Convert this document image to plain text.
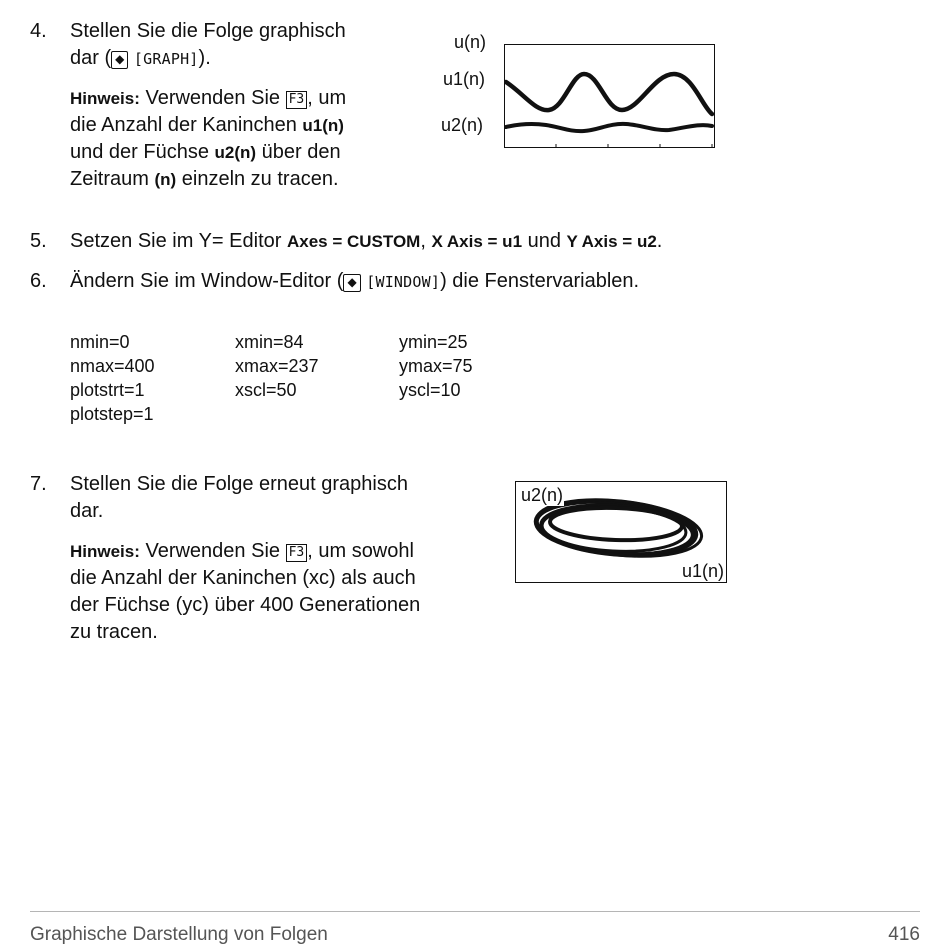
4. Stellen Sie die Folge graphisch
dar ( ◆ [GRAPH]).
Hinweis: Verwenden Sie F3 , um
die Anzahl der Kaninchen u1(n)
und der Füchse u2(n) über den
Zeitraum (n) einzeln zu tracen.
u(n)
u1(n)
u2(n)
5. Setzen Sie im Y= Editor Axes = CUSTOM, X Axis = u1 und Y Axis = u2.
6. Ändern Sie im Window-Editor ( ◆ [WINDOW]) die Fenstervariablen.
nmin=0
nmax=400
plotstrt=1
plotstep=1
xmin=84
xmax=237
xscl=50
ymin=25
ymax=75
yscl=10
7. Stellen Sie die Folge erneut graphisch
dar.
Hinweis: Verwenden Sie F3 , um sowohl
die Anzahl der Kaninchen (xc) als auch
der Füchse (yc) über 400 Generationen
zu tracen.
u2(n)
u1(n)
Graphische Darstellung von Folgen	416
